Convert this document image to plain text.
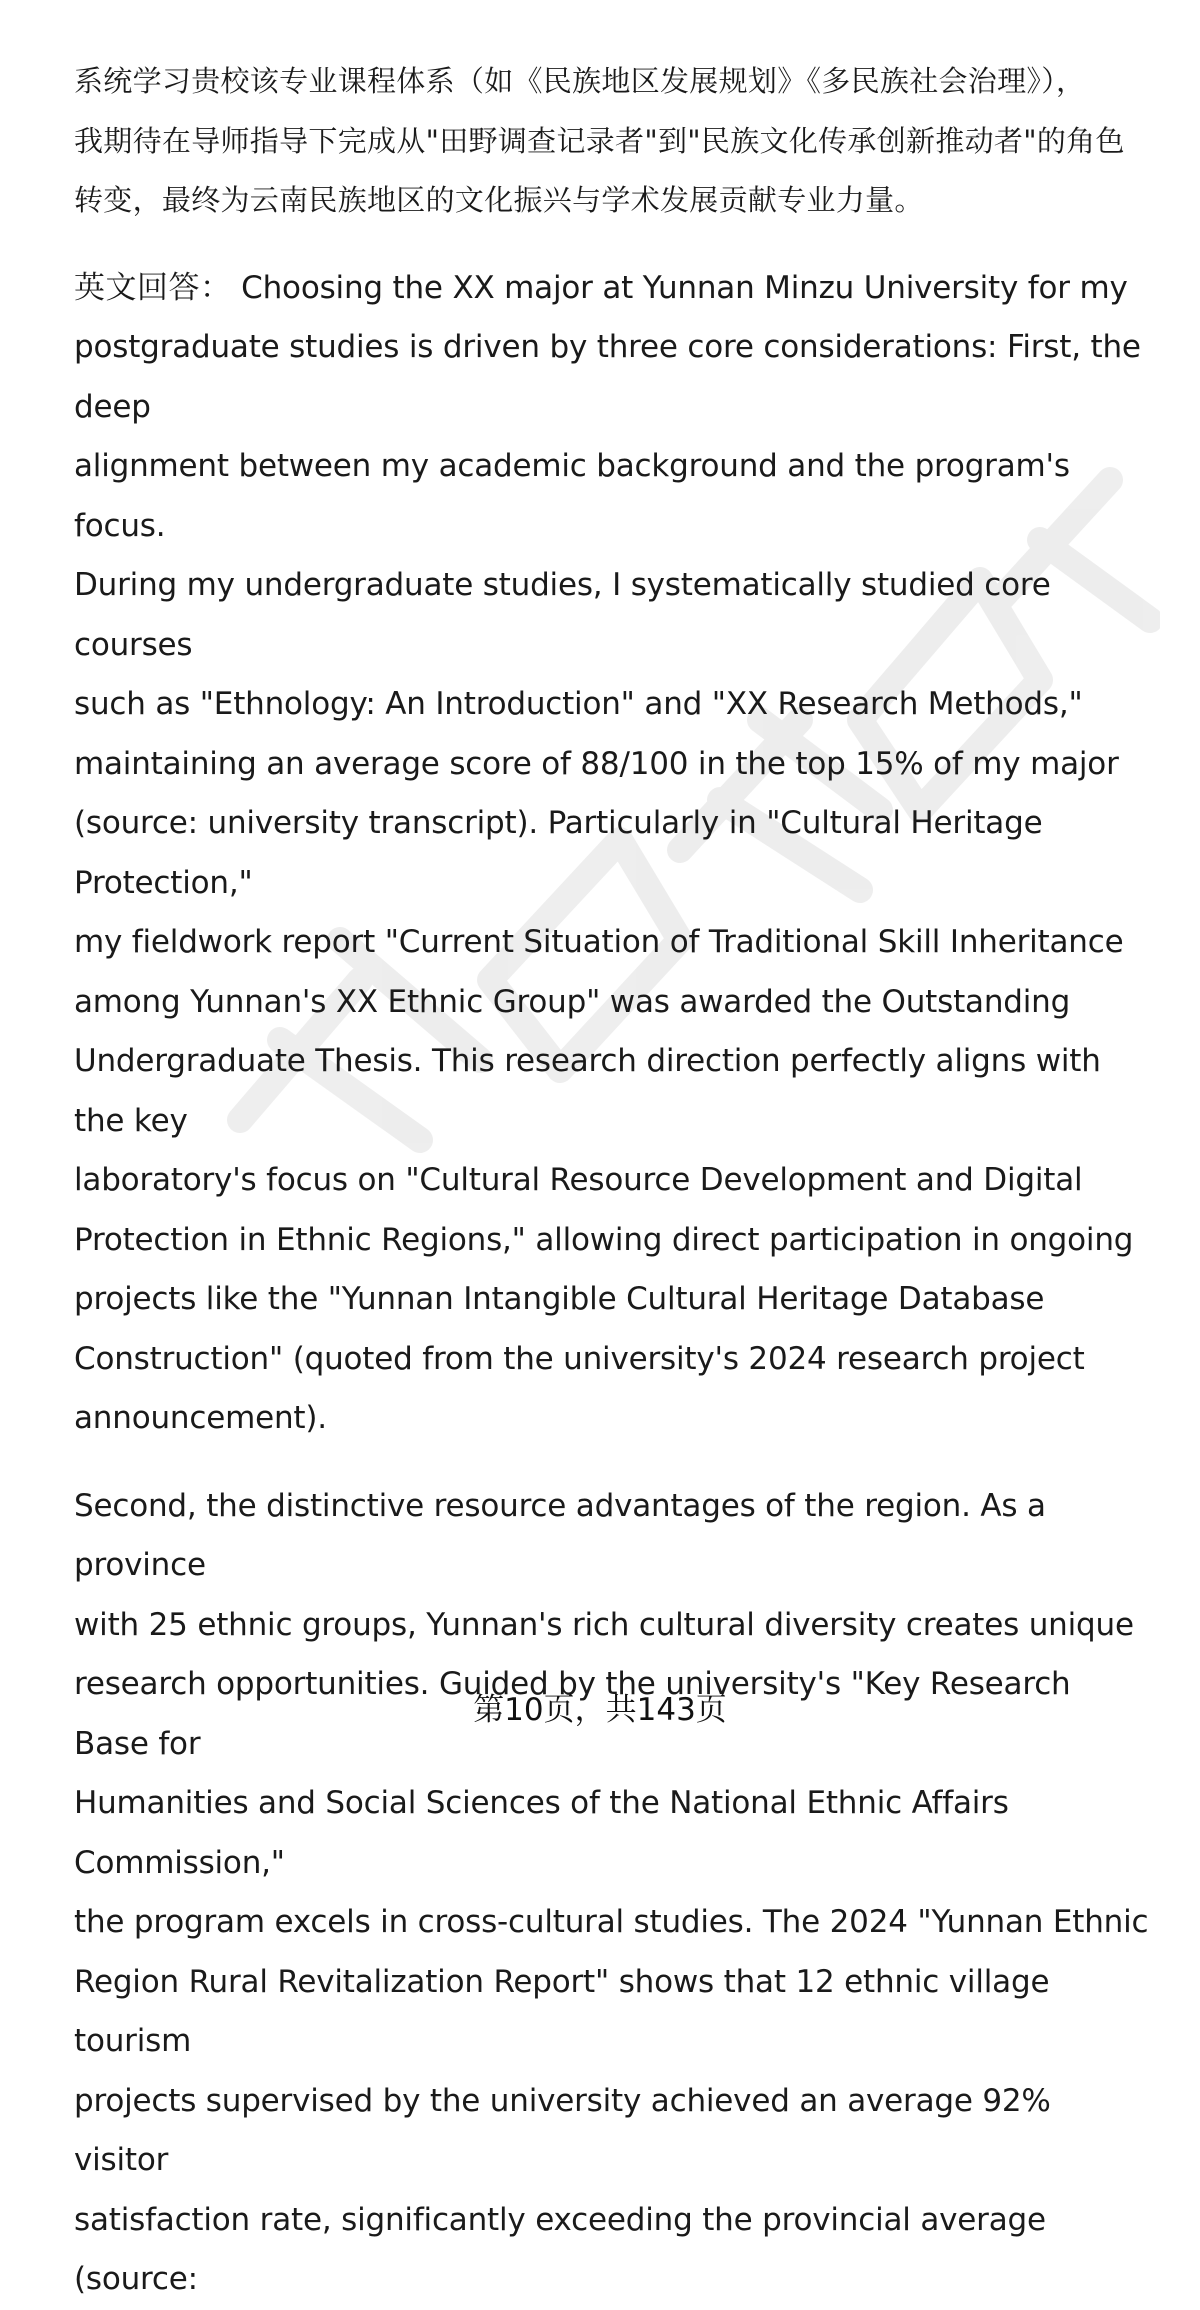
系统学习贵校该专业课程体系（如《民族地区发展规划》《多民族社会治理》），
我期待在导师指导下完成从"田野调查记录者"到"民族文化传承创新推动者"的角色
转变，最终为云南民族地区的文化振兴与学术发展贡献专业力量。

英文回答： Choosing the XX major at Yunnan Minzu University for my
postgraduate studies is driven by three core considerations: First, the deep
alignment between my academic background and the program's focus.
During my undergraduate studies, I systematically studied core courses
such as "Ethnology: An Introduction" and "XX Research Methods,"
maintaining an average score of 88/100 in the top 15% of my major
(source: university transcript). Particularly in "Cultural Heritage Protection,"
my fieldwork report "Current Situation of Traditional Skill Inheritance
among Yunnan's XX Ethnic Group" was awarded the Outstanding
Undergraduate Thesis. This research direction perfectly aligns with the key
laboratory's focus on "Cultural Resource Development and Digital
Protection in Ethnic Regions," allowing direct participation in ongoing
projects like the "Yunnan Intangible Cultural Heritage Database
Construction" (quoted from the university's 2024 research project
announcement).

Second, the distinctive resource advantages of the region. As a province
with 25 ethnic groups, Yunnan's rich cultural diversity creates unique
research opportunities. Guided by the university's "Key Research Base for
Humanities and Social Sciences of the National Ethnic Affairs Commission,"
the program excels in cross-cultural studies. The 2024 "Yunnan Ethnic
Region Rural Revitalization Report" shows that 12 ethnic village tourism
projects supervised by the university achieved an average 92% visitor
satisfaction rate, significantly exceeding the provincial average (source:

第10页，共143页
